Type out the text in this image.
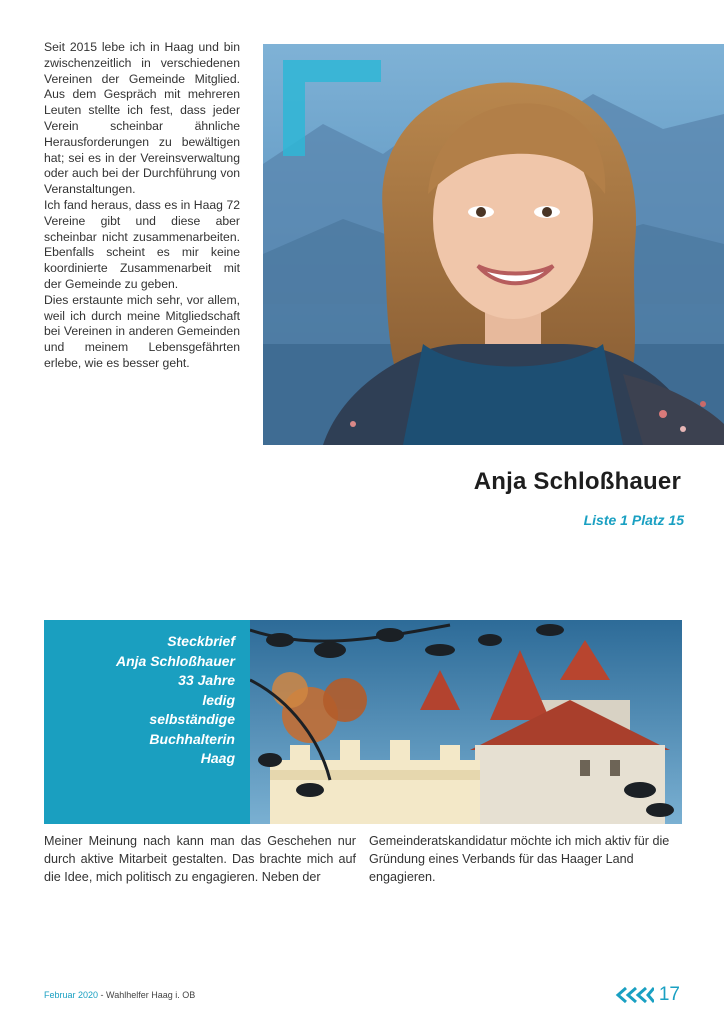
Seit 2015 lebe ich in Haag und bin zwischenzeitlich in verschiedenen Vereinen der Gemeinde Mitglied. Aus dem Gespräch mit mehreren Leuten stellte ich fest, dass jeder Verein scheinbar ähnliche Herausforderungen zu bewältigen hat; sei es in der Vereinsverwaltung oder auch bei der Durchführung von Veranstaltungen.

Ich fand heraus, dass es in Haag 72 Vereine gibt und diese aber scheinbar nicht zusammenarbeiten. Ebenfalls scheint es mir keine koordinierte Zusammenarbeit mit der Gemeinde zu geben.

Dies erstaunte mich sehr, vor allem, weil ich durch meine Mitgliedschaft bei Vereinen in anderen Gemeinden und meinem Lebensgefährten erlebe, wie es besser geht.

Anja Schloßhauer
Liste 1 Platz 15
Steckbrief
Anja Schloßhauer
33 Jahre
ledig
selbständige
Buchhalterin
Haag
Meiner Meinung nach kann man das Geschehen nur durch aktive Mitarbeit gestalten. Das brachte mich auf die Idee, mich politisch zu engagieren. Neben der
Gemeinderatskandidatur möchte ich mich aktiv für die Gründung eines Verbands für das Haager Land engagieren.
Februar 2020 - Wahlhelfer Haag i. OB	17
